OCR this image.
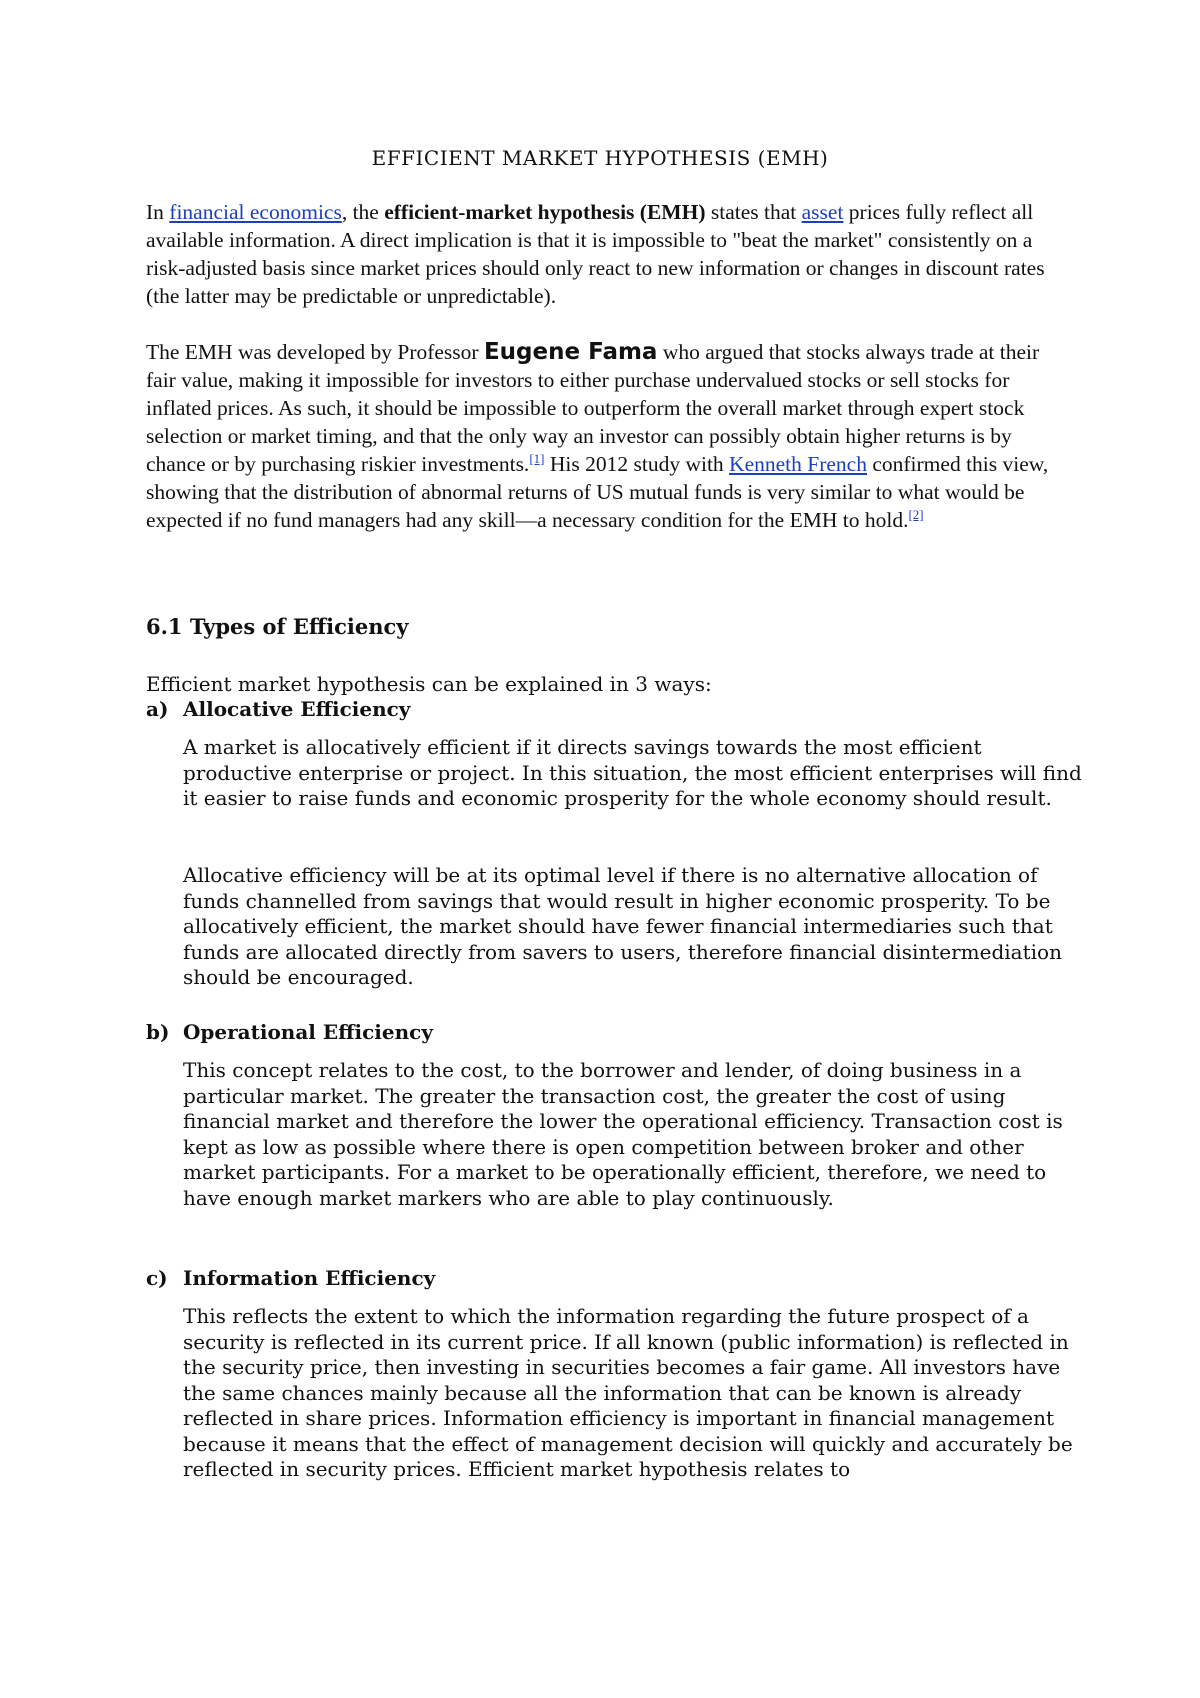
EFFICIENT MARKET HYPOTHESIS (EMH)

In financial economics, the efficient-market hypothesis (EMH) states that asset prices fully reflect all available information. A direct implication is that it is impossible to "beat the market" consistently on a risk-adjusted basis since market prices should only react to new information or changes in discount rates (the latter may be predictable or unpredictable).

The EMH was developed by Professor Eugene Fama who argued that stocks always trade at their fair value, making it impossible for investors to either purchase undervalued stocks or sell stocks for inflated prices. As such, it should be impossible to outperform the overall market through expert stock selection or market timing, and that the only way an investor can possibly obtain higher returns is by chance or by purchasing riskier investments.[1] His 2012 study with Kenneth French confirmed this view, showing that the distribution of abnormal returns of US mutual funds is very similar to what would be expected if no fund managers had any skill—a necessary condition for the EMH to hold.[2]

6.1 Types of Efficiency

Efficient market hypothesis can be explained in 3 ways:

a) Allocative Efficiency

A market is allocatively efficient if it directs savings towards the most efficient productive enterprise or project. In this situation, the most efficient enterprises will find it easier to raise funds and economic prosperity for the whole economy should result.

Allocative efficiency will be at its optimal level if there is no alternative allocation of funds channelled from savings that would result in higher economic prosperity. To be allocatively efficient, the market should have fewer financial intermediaries such that funds are allocated directly from savers to users, therefore financial disintermediation should be encouraged.

b) Operational Efficiency

This concept relates to the cost, to the borrower and lender, of doing business in a particular market. The greater the transaction cost, the greater the cost of using financial market and therefore the lower the operational efficiency. Transaction cost is kept as low as possible where there is open competition between broker and other market participants. For a market to be operationally efficient, therefore, we need to have enough market markers who are able to play continuously.

c) Information Efficiency

This reflects the extent to which the information regarding the future prospect of a security is reflected in its current price. If all known (public information) is reflected in the security price, then investing in securities becomes a fair game. All investors have the same chances mainly because all the information that can be known is already reflected in share prices. Information efficiency is important in financial management because it means that the effect of management decision will quickly and accurately be reflected in security prices. Efficient market hypothesis relates to
